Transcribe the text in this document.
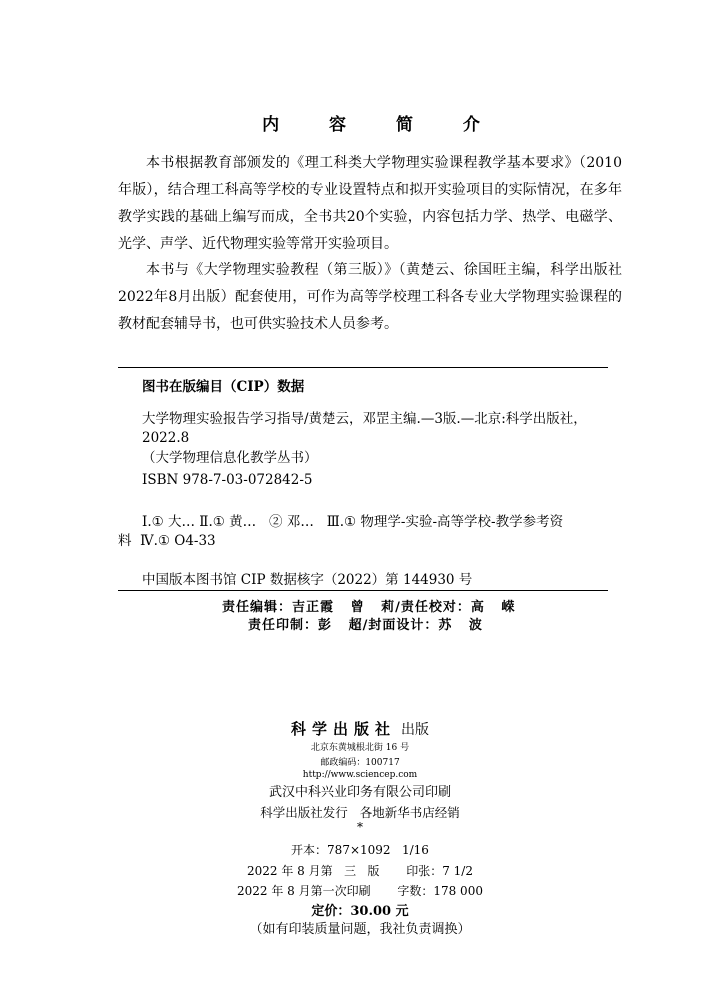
内 容 简 介
本书根据教育部颁发的《理工科类大学物理实验课程教学基本要求》（2010年版），结合理工科高等学校的专业设置特点和拟开实验项目的实际情况，在多年教学实践的基础上编写而成，全书共20个实验，内容包括力学、热学、电磁学、光学、声学、近代物理实验等常开实验项目。
本书与《大学物理实验教程（第三版）》（黄楚云、徐国旺主编，科学出版社2022年8月出版）配套使用，可作为高等学校理工科各专业大学物理实验课程的教材配套辅导书，也可供实验技术人员参考。
图书在版编目（CIP）数据
大学物理实验报告学习指导/黄楚云，邓罡主编.—3版.—北京:科学出版社，
2022.8
（大学物理信息化教学丛书）
ISBN 978-7-03-072842-5
Ⅰ.① 大… Ⅱ.① 黄…   ② 邓…   Ⅲ.① 物理学-实验-高等学校-教学参考资
料  Ⅳ.① O4-33
中国版本图书馆 CIP 数据核字（2022）第 144930 号
责任编辑：吉正霞   曾   莉/责任校对：高   嵘
责任印制：彭   超/封面设计：苏   波
科学出版社 出版
北京东黄城根北街 16 号
邮政编码：100717
http://www.sciencep.com
武汉中科兴业印务有限公司印刷
科学出版社发行   各地新华书店经销
*
开本：787×1092   1/16
2022 年 8 月第   三   版       印张：7 1/2
2022 年 8 月第一次印刷       字数：178 000
定价：30.00 元
（如有印装质量问题，我社负责调换）
